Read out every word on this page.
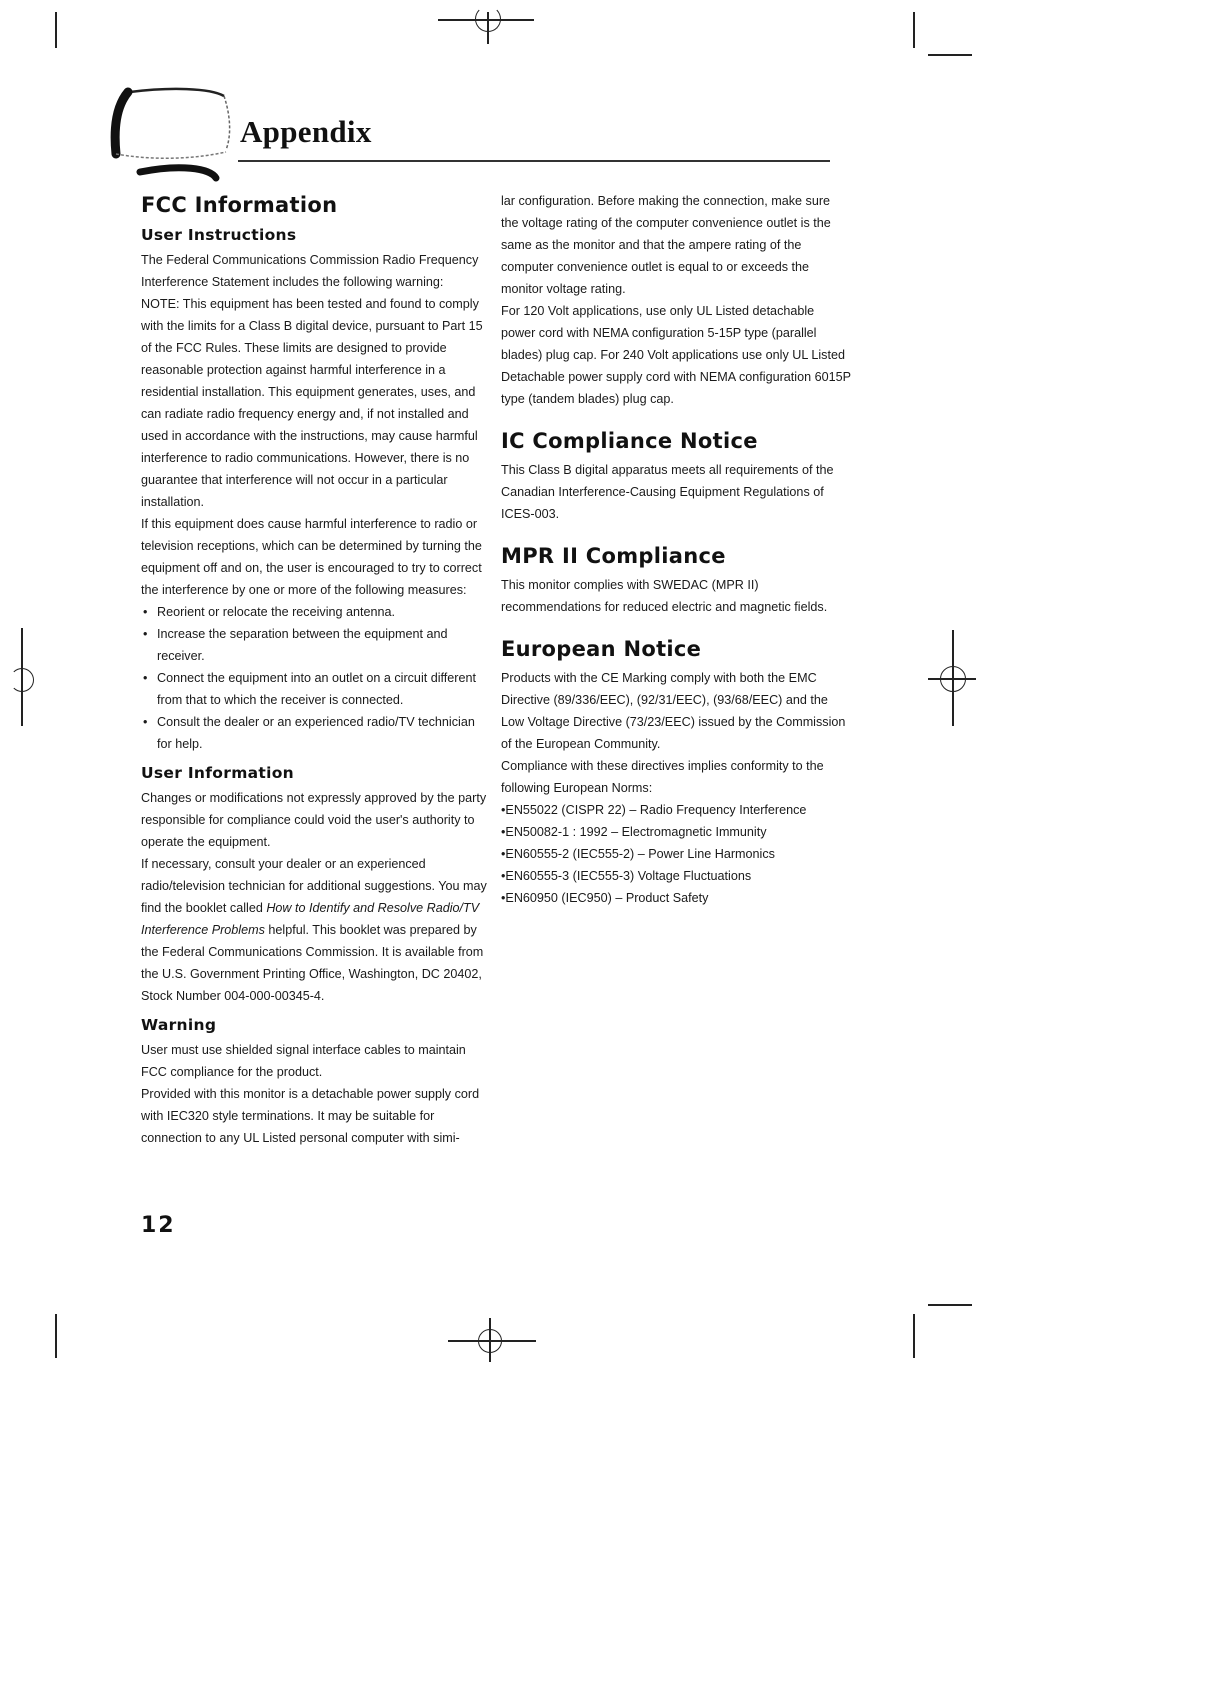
Appendix
FCC Information
User Instructions

The Federal Communications Commission Radio Frequency Interference Statement includes the following warning:

NOTE: This equipment has been tested and found to comply with the limits for a Class B digital device, pursuant to Part 15 of the FCC Rules. These limits are designed to provide reasonable protection against harmful interference in a residential installation. This equipment generates, uses, and can radiate radio frequency energy and, if not installed and used in accordance with the instructions, may cause harmful interference to radio communications. However, there is no guarantee that interference will not occur in a particular installation.

If this equipment does cause harmful interference to radio or television receptions, which can be determined by turning the equipment off and on, the user is encouraged to try to correct the interference by one or more of the following measures:

• Reorient or relocate the receiving antenna.
• Increase the separation between the equipment and receiver.
• Connect the equipment into an outlet on a circuit different from that to which the receiver is connected.
• Consult the dealer or an experienced radio/TV technician for help.
User Information

Changes or modifications not expressly approved by the party responsible for compliance could void the user's authority to operate the equipment.

If necessary, consult your dealer or an experienced radio/television technician for additional suggestions. You may find the booklet called How to Identify and Resolve Radio/TV Interference Problems helpful. This booklet was prepared by the Federal Communications Commission. It is available from the U.S. Government Printing Office, Washington, DC 20402, Stock Number 004-000-00345-4.

Warning

User must use shielded signal interface cables to maintain FCC compliance for the product.

Provided with this monitor is a detachable power supply cord with IEC320 style terminations. It may be suitable for connection to any UL Listed personal computer with simi-

lar configuration. Before making the connection, make sure the voltage rating of the computer convenience outlet is the same as the monitor and that the ampere rating of the computer convenience outlet is equal to or exceeds the monitor voltage rating.

For 120 Volt applications, use only UL Listed detachable power cord with NEMA configuration 5-15P type (parallel blades) plug cap. For 240 Volt applications use only UL Listed Detachable power supply cord with NEMA configuration 6015P type (tandem blades) plug cap.

IC Compliance Notice

This Class B digital apparatus meets all requirements of the Canadian Interference-Causing Equipment Regulations of ICES-003.

MPR II Compliance

This monitor complies with SWEDAC (MPR II) recommendations for reduced electric and magnetic fields.

European Notice

Products with the CE Marking comply with both the EMC Directive (89/336/EEC), (92/31/EEC), (93/68/EEC) and the Low Voltage Directive (73/23/EEC) issued by the Commission of the European Community.

Compliance with these directives implies conformity to the following European Norms:

• EN55022 (CISPR 22) – Radio Frequency Interference
• EN50082-1 : 1992 – Electromagnetic Immunity
• EN60555-2 (IEC555-2) – Power Line Harmonics
• EN60555-3 (IEC555-3) Voltage Fluctuations
• EN60950 (IEC950) – Product Safety
12
